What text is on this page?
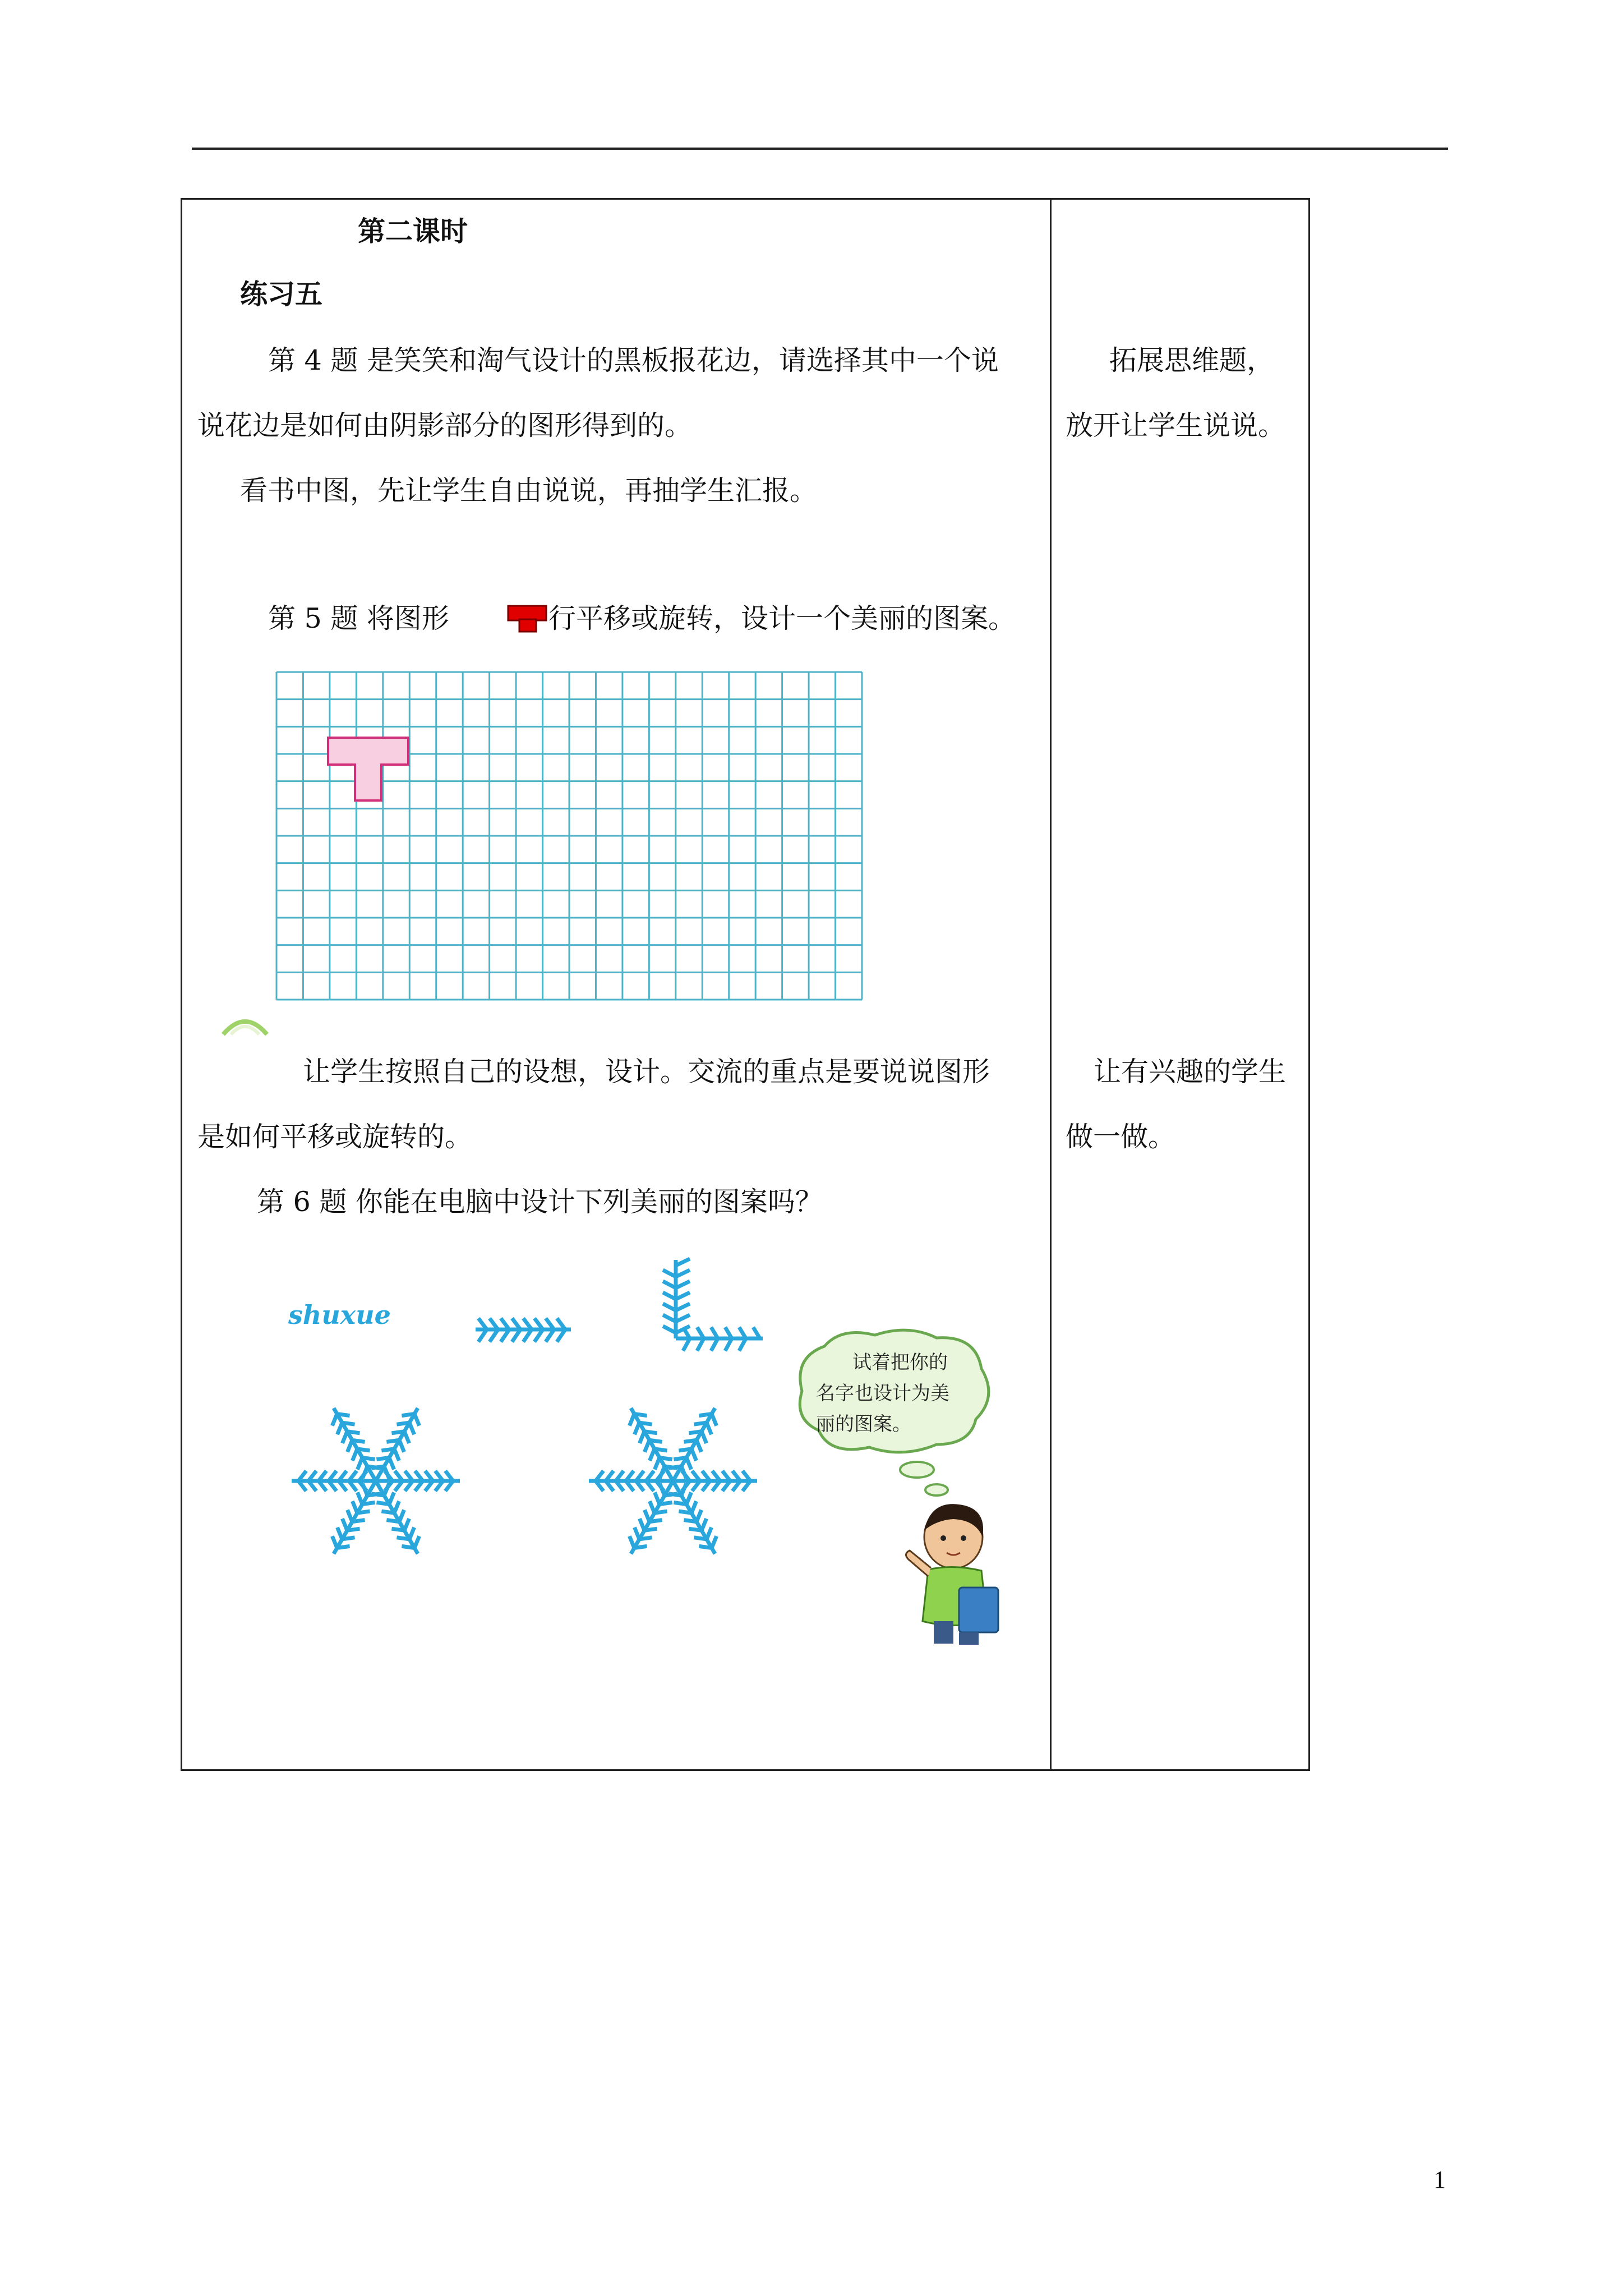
第二课时
练习五
第 4 题 是笑笑和淘气设计的黑板报花边，请选择其中一个说
说花边是如何由阴影部分的图形得到的。
看书中图，先让学生自由说说，再抽学生汇报。
第 5 题 将图形	行平移或旋转，设计一个美丽的图案。
让学生按照自己的设想，设计。交流的重点是要说说图形
是如何平移或旋转的。
第 6 题 你能在电脑中设计下列美丽的图案吗？
shuxue
试着把你的
名字也设计为美
丽的图案。
拓展思维题，
放开让学生说说。
让有兴趣的学生
做一做。
1
